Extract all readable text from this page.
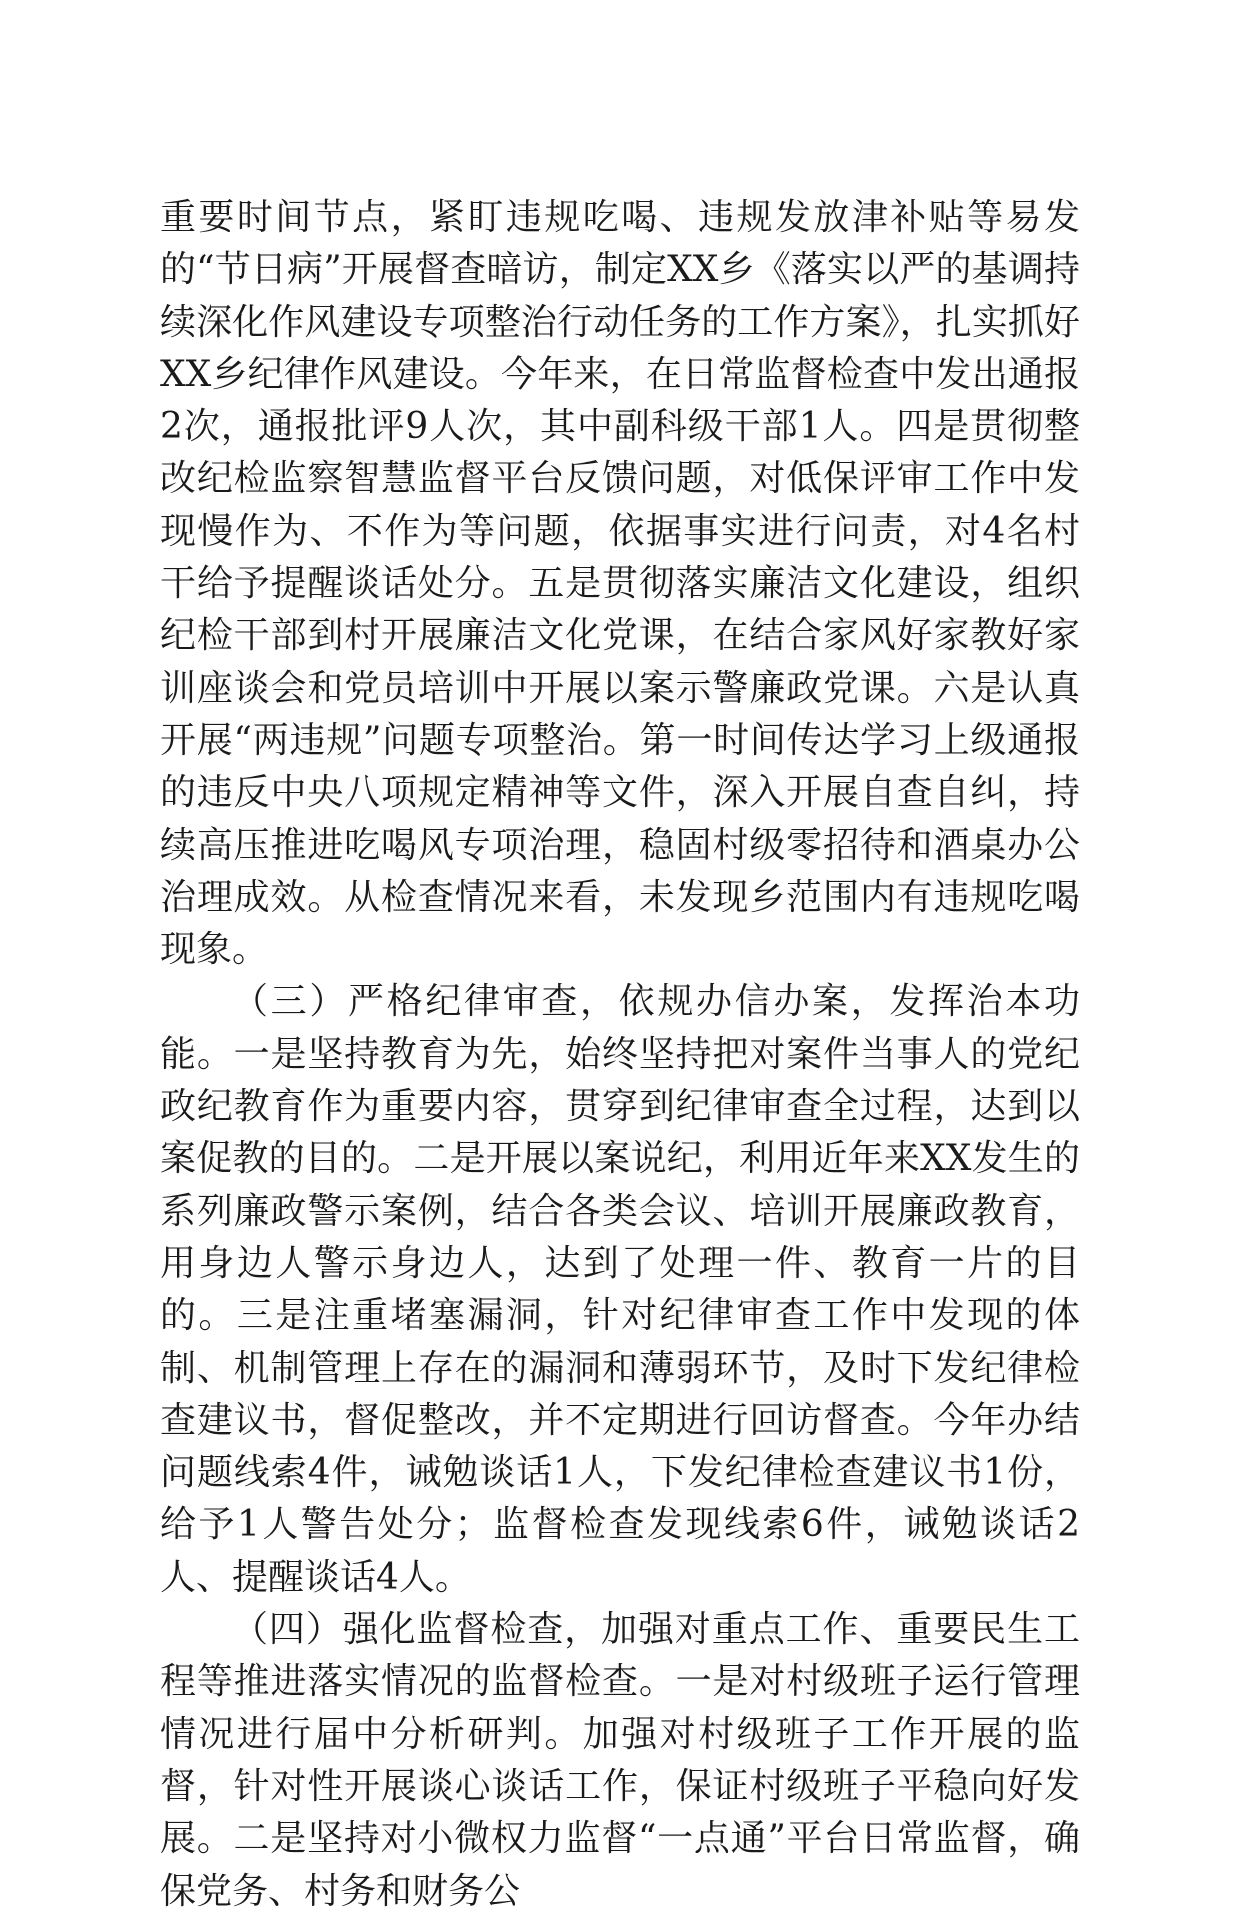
重要时间节点，紧盯违规吃喝、违规发放津补贴等易发的“节日病”开展督查暗访，制定XX乡《落实以严的基调持续深化作风建设专项整治行动任务的工作方案》，扎实抓好XX乡纪律作风建设。今年来，在日常监督检查中发出通报2次，通报批评9人次，其中副科级干部1人。四是贯彻整改纪检监察智慧监督平台反馈问题，对低保评审工作中发现慢作为、不作为等问题，依据事实进行问责，对4名村干给予提醒谈话处分。五是贯彻落实廉洁文化建设，组织纪检干部到村开展廉洁文化党课，在结合家风好家教好家训座谈会和党员培训中开展以案示警廉政党课。六是认真开展“两违规”问题专项整治。第一时间传达学习上级通报的违反中央八项规定精神等文件，深入开展自查自纠，持续高压推进吃喝风专项治理，稳固村级零招待和酒桌办公治理成效。从检查情况来看，未发现乡范围内有违规吃喝现象。

（三）严格纪律审查，依规办信办案，发挥治本功能。一是坚持教育为先，始终坚持把对案件当事人的党纪政纪教育作为重要内容，贯穿到纪律审查全过程，达到以案促教的目的。二是开展以案说纪，利用近年来XX发生的系列廉政警示案例，结合各类会议、培训开展廉政教育，用身边人警示身边人，达到了处理一件、教育一片的目的。三是注重堵塞漏洞，针对纪律审查工作中发现的体制、机制管理上存在的漏洞和薄弱环节，及时下发纪律检查建议书，督促整改，并不定期进行回访督查。今年办结问题线索4件，诫勉谈话1人，下发纪律检查建议书1份，给予1人警告处分；监督检查发现线索6件，诫勉谈话2人、提醒谈话4人。

（四）强化监督检查，加强对重点工作、重要民生工程等推进落实情况的监督检查。一是对村级班子运行管理情况进行届中分析研判。加强对村级班子工作开展的监督，针对性开展谈心谈话工作，保证村级班子平稳向好发展。二是坚持对小微权力监督“一点通”平台日常监督，确保党务、村务和财务公
